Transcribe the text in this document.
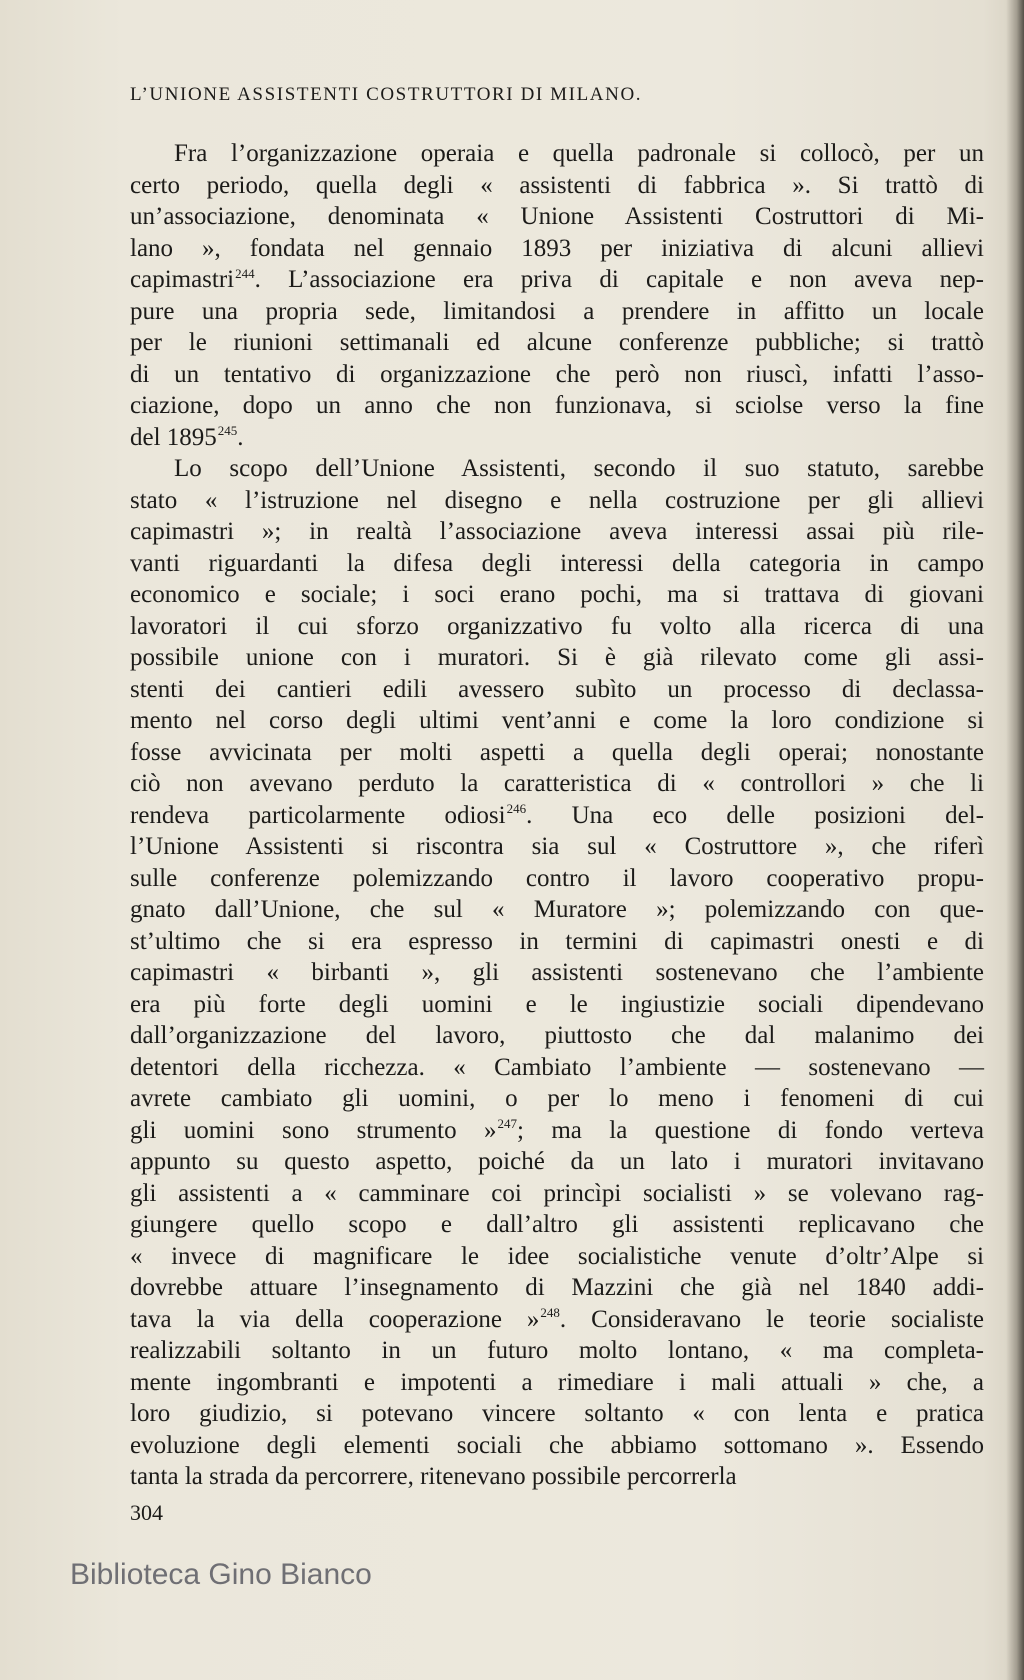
L’UNIONE ASSISTENTI COSTRUTTORI DI MILANO.

Fra l’organizzazione operaia e quella padronale si collocò, per un

certo periodo, quella degli « assistenti di fabbrica ». Si trattò di

un’associazione, denominata « Unione Assistenti Costruttori di Mi-

lano », fondata nel gennaio 1893 per iniziativa di alcuni allievi

capimastri$^{244}$. L’associazione era priva di capitale e non aveva nep-

pure una propria sede, limitandosi a prendere in affitto un locale

per le riunioni settimanali ed alcune conferenze pubbliche; si trattò

di un tentativo di organizzazione che però non riuscì, infatti l’asso-

ciazione, dopo un anno che non funzionava, si sciolse verso la fine

del 1895$^{245}$.

Lo scopo dell’Unione Assistenti, secondo il suo statuto, sarebbe

stato « l’istruzione nel disegno e nella costruzione per gli allievi

capimastri »; in realtà l’associazione aveva interessi assai più rile-

vanti riguardanti la difesa degli interessi della categoria in campo

economico e sociale; i soci erano pochi, ma si trattava di giovani

lavoratori il cui sforzo organizzativo fu volto alla ricerca di una

possibile unione con i muratori. Si è già rilevato come gli assi-

stenti dei cantieri edili avessero subìto un processo di declassa-

mento nel corso degli ultimi vent’anni e come la loro condizione si

fosse avvicinata per molti aspetti a quella degli operai; nonostante

ciò non avevano perduto la caratteristica di « controllori » che li

rendeva particolarmente odiosi$^{246}$. Una eco delle posizioni del-

l’Unione Assistenti si riscontra sia sul « Costruttore », che riferì

sulle conferenze polemizzando contro il lavoro cooperativo propu-

gnato dall’Unione, che sul « Muratore »; polemizzando con que-

st’ultimo che si era espresso in termini di capimastri onesti e di

capimastri « birbanti », gli assistenti sostenevano che l’ambiente

era più forte degli uomini e le ingiustizie sociali dipendevano

dall’organizzazione del lavoro, piuttosto che dal malanimo dei

detentori della ricchezza. « Cambiato l’ambiente — sostenevano —

avrete cambiato gli uomini, o per lo meno i fenomeni di cui

gli uomini sono strumento »$^{247}$; ma la questione di fondo verteva

appunto su questo aspetto, poiché da un lato i muratori invitavano

gli assistenti a « camminare coi princìpi socialisti » se volevano rag-

giungere quello scopo e dall’altro gli assistenti replicavano che

« invece di magnificare le idee socialistiche venute d’oltr’Alpe si

dovrebbe attuare l’insegnamento di Mazzini che già nel 1840 addi-

tava la via della cooperazione »$^{248}$. Consideravano le teorie socialiste

realizzabili soltanto in un futuro molto lontano, « ma completa-

mente ingombranti e impotenti a rimediare i mali attuali » che, a

loro giudizio, si potevano vincere soltanto « con lenta e pratica

evoluzione degli elementi sociali che abbiamo sottomano ». Essendo

tanta la strada da percorrere, ritenevano possibile percorrerla

304
Biblioteca Gino Bianco
